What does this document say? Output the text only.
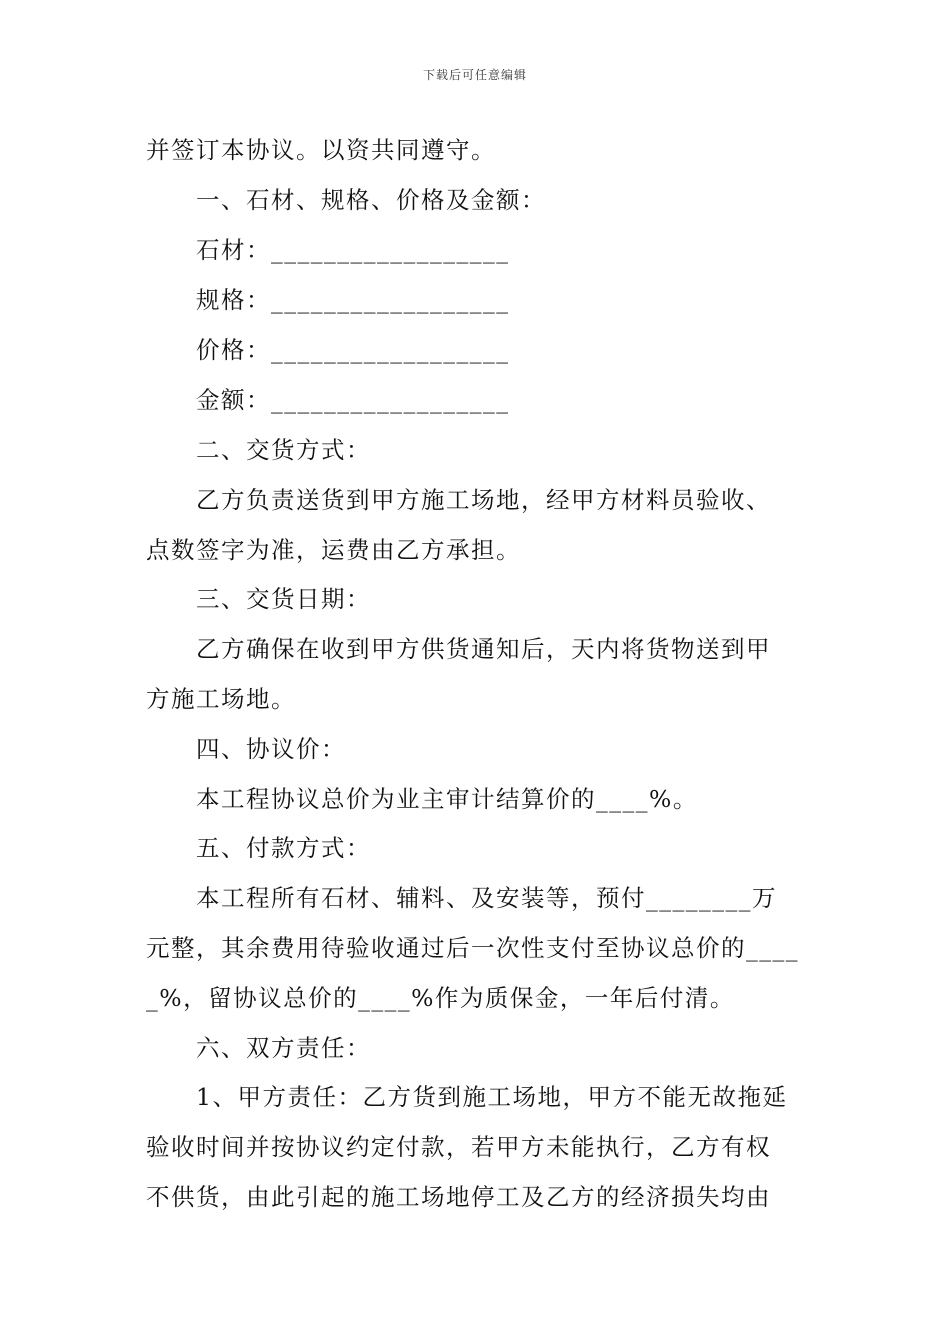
下载后可任意编辑
并签订本协议。以资共同遵守。
一、石材、规格、价格及金额：
石材：__________________
规格：__________________
价格：__________________
金额：__________________
二、交货方式：
乙方负责送货到甲方施工场地，经甲方材料员验收、
点数签字为准，运费由乙方承担。
三、交货日期：
乙方确保在收到甲方供货通知后，天内将货物送到甲
方施工场地。
四、协议价：
本工程协议总价为业主审计结算价的____%。
五、付款方式：
本工程所有石材、辅料、及安装等，预付________万
元整，其余费用待验收通过后一次性支付至协议总价的____
_%，留协议总价的____%作为质保金，一年后付清。
六、双方责任：
1、甲方责任：乙方货到施工场地，甲方不能无故拖延
验收时间并按协议约定付款，若甲方未能执行，乙方有权
不供货，由此引起的施工场地停工及乙方的经济损失均由
